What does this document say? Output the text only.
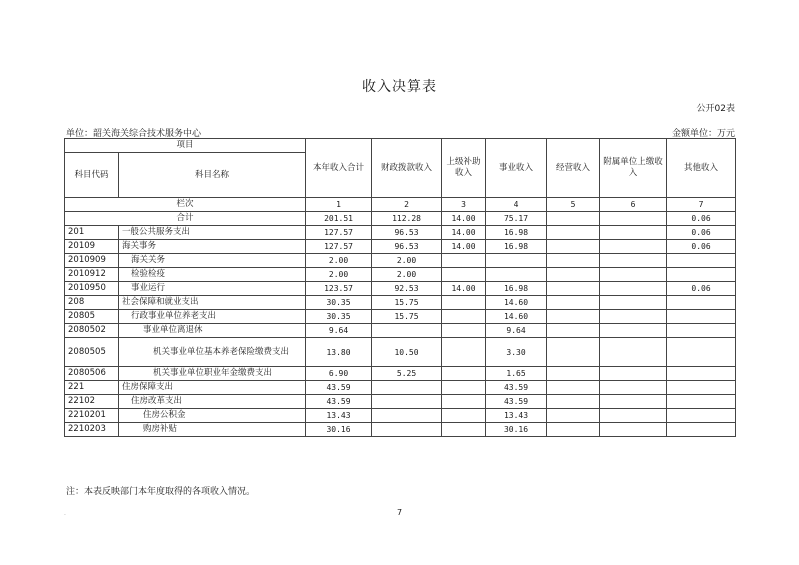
收入决算表
公开02表
单位：韶关海关综合技术服务中心	金额单位：万元
项目		本年收入合计	财政拨款收入	上级补助收入	事业收入	经营收入	附属单位上缴收入	其他收入
科目代码	科目名称							

栏次		1	2	3	4	5	6	7
合计		201.51	112.28	14.00	75.17			0.06
201	一般公共服务支出	127.57	96.53	14.00	16.98			0.06
20109	海关事务	127.57	96.53	14.00	16.98			0.06
2010909	海关关务	2.00	2.00					
2010912	检验检疫	2.00	2.00					
2010950	事业运行	123.57	92.53	14.00	16.98			0.06
208	社会保障和就业支出	30.35	15.75		14.60			
20805	行政事业单位养老支出	30.35	15.75		14.60			
2080502	事业单位离退休	9.64			9.64			
2080505	机关事业单位基本养老保险缴费支出	13.80	10.50		3.30			
2080506	机关事业单位职业年金缴费支出	6.90	5.25		1.65			
221	住房保障支出	43.59			43.59			
22102	住房改革支出	43.59			43.59			
2210201	住房公积金	13.43			13.43			
2210203	购房补贴	30.16			30.16			
注：本表反映部门本年度取得的各项收入情况。
.	7
